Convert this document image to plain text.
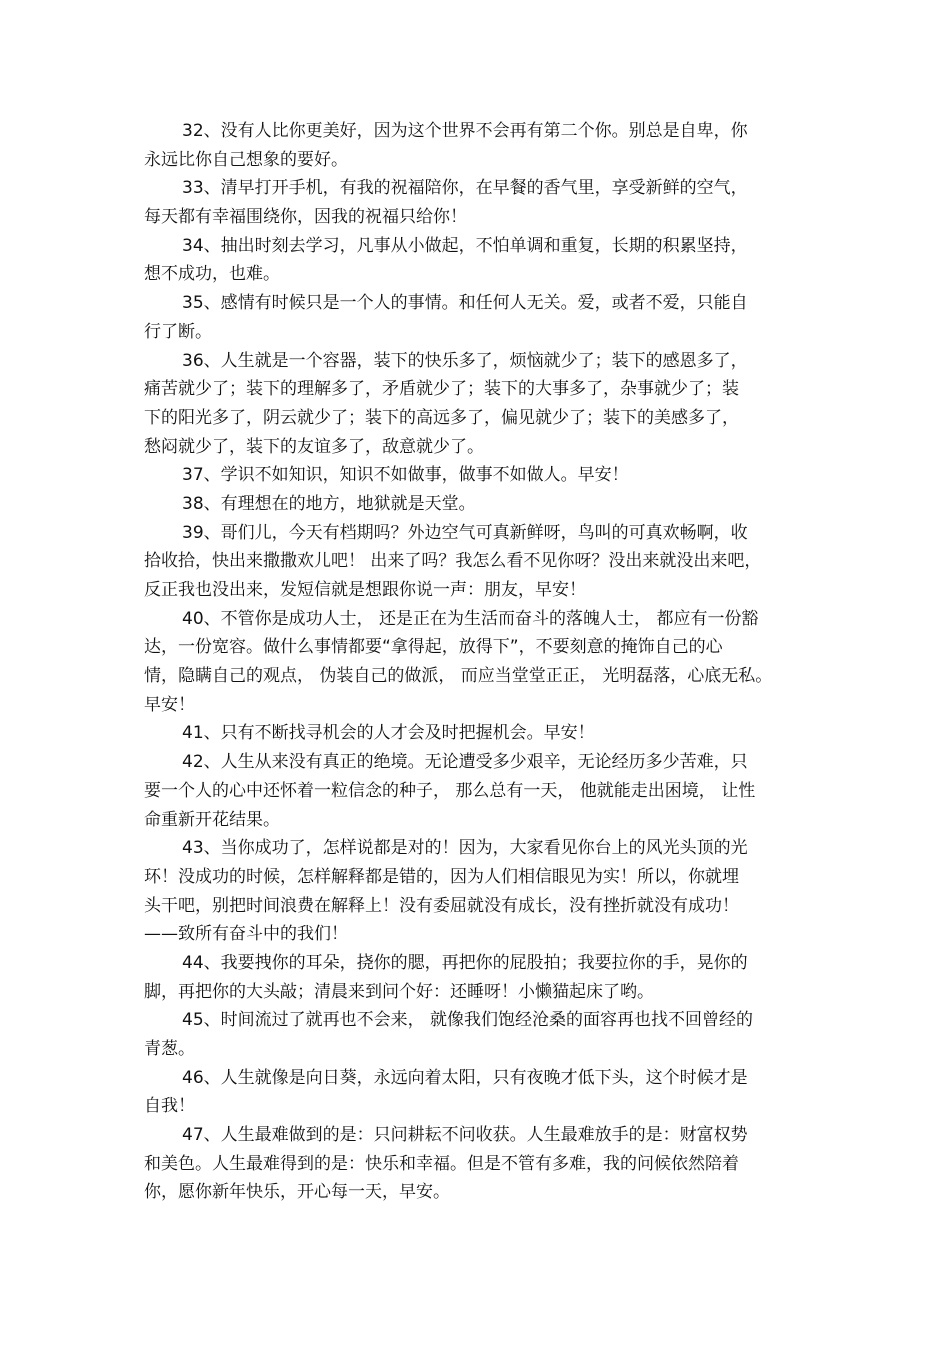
32、没有人比你更美好，因为这个世界不会再有第二个你。别总是自卑，你
永远比你自己想象的要好。
33、清早打开手机，有我的祝福陪你，在早餐的香气里，享受新鲜的空气，
每天都有幸福围绕你，因我的祝福只给你！
34、抽出时刻去学习，凡事从小做起，不怕单调和重复，长期的积累坚持，
想不成功，也难。
35、感情有时候只是一个人的事情。和任何人无关。爱，或者不爱，只能自
行了断。
36、人生就是一个容器，装下的快乐多了，烦恼就少了；装下的感恩多了，
痛苦就少了；装下的理解多了，矛盾就少了；装下的大事多了，杂事就少了；装
下的阳光多了，阴云就少了；装下的高远多了，偏见就少了；装下的美感多了，
愁闷就少了，装下的友谊多了，敌意就少了。
37、学识不如知识，知识不如做事，做事不如做人。早安！
38、有理想在的地方，地狱就是天堂。
39、哥们儿，今天有档期吗？外边空气可真新鲜呀，鸟叫的可真欢畅啊，收
拾收拾，快出来撒撒欢儿吧！ 出来了吗？我怎么看不见你呀？没出来就没出来吧，
反正我也没出来，发短信就是想跟你说一声：朋友，早安！
40、不管你是成功人士， 还是正在为生活而奋斗的落魄人士， 都应有一份豁
达，一份宽容。做什么事情都要“拿得起，放得下”，不要刻意的掩饰自己的心
情，隐瞒自己的观点， 伪装自己的做派， 而应当堂堂正正， 光明磊落，心底无私。
早安！
41、只有不断找寻机会的人才会及时把握机会。早安！
42、人生从来没有真正的绝境。无论遭受多少艰辛，无论经历多少苦难，只
要一个人的心中还怀着一粒信念的种子， 那么总有一天， 他就能走出困境， 让性
命重新开花结果。
43、当你成功了，怎样说都是对的！因为，大家看见你台上的风光头顶的光
环！没成功的时候，怎样解释都是错的，因为人们相信眼见为实！所以，你就埋
头干吧，别把时间浪费在解释上！没有委屈就没有成长，没有挫折就没有成功！
——致所有奋斗中的我们！
44、我要拽你的耳朵，挠你的腮，再把你的屁股拍；我要拉你的手，晃你的
脚，再把你的大头敲；清晨来到问个好：还睡呀！小懒猫起床了哟。
45、时间流过了就再也不会来， 就像我们饱经沧桑的面容再也找不回曾经的
青葱。
46、人生就像是向日葵，永远向着太阳，只有夜晚才低下头，这个时候才是
自我！
47、人生最难做到的是：只问耕耘不问收获。人生最难放手的是：财富权势
和美色。人生最难得到的是：快乐和幸福。但是不管有多难，我的问候依然陪着
你，愿你新年快乐，开心每一天，早安。
